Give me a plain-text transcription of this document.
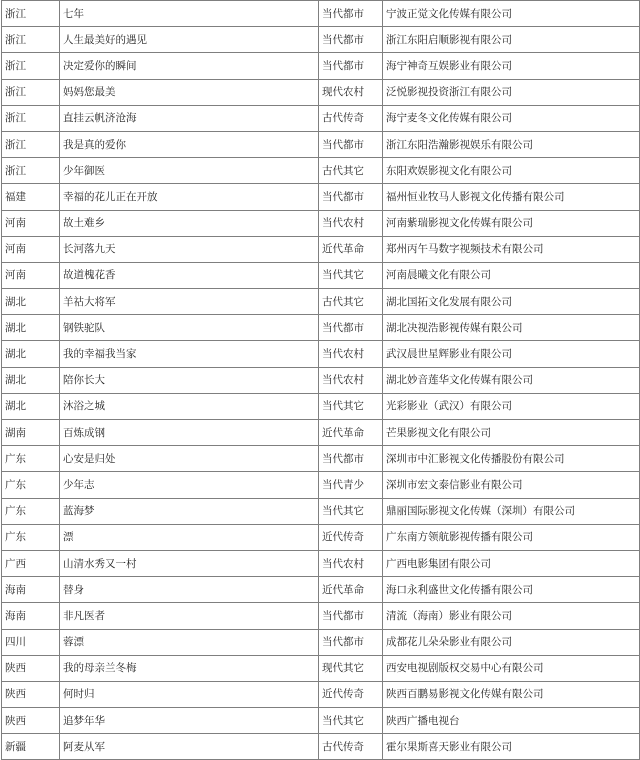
浙江	七年	当代都市	宁波正觉文化传媒有限公司
浙江	人生最美好的遇见	当代都市	浙江东阳启顺影视有限公司
浙江	决定爱你的瞬间	当代都市	海宁神奇互娱影业有限公司
浙江	妈妈您最美	现代农村	泛悦影视投资浙江有限公司
浙江	直挂云帆济沧海	古代传奇	海宁麦冬文化传媒有限公司
浙江	我是真的爱你	当代都市	浙江东阳浩瀚影视娱乐有限公司
浙江	少年御医	古代其它	东阳欢娱影视文化有限公司
福建	幸福的花儿正在开放	当代都市	福州恒业牧马人影视文化传播有限公司
河南	故土难乡	当代农村	河南紫瑞影视文化传媒有限公司
河南	长河落九天	近代革命	郑州丙午马数字视频技术有限公司
河南	故道槐花香	当代其它	河南晨曦文化有限公司
湖北	羊祜大将军	古代其它	湖北国拓文化发展有限公司
湖北	钢铁驼队	当代都市	湖北决视浩影视传媒有限公司
湖北	我的幸福我当家	当代农村	武汉晨世星辉影业有限公司
湖北	陪你长大	当代农村	湖北妙音莲华文化传媒有限公司
湖北	沐浴之城	当代其它	光彩影业（武汉）有限公司
湖南	百炼成钢	近代革命	芒果影视文化有限公司
广东	心安是归处	当代都市	深圳市中汇影视文化传播股份有限公司
广东	少年志	当代青少	深圳市宏文泰信影业有限公司
广东	蓝海梦	当代其它	鼎丽国际影视文化传媒（深圳）有限公司
广东	漂	近代传奇	广东南方领航影视传播有限公司
广西	山清水秀又一村	当代农村	广西电影集团有限公司
海南	替身	近代革命	海口永利盛世文化传播有限公司
海南	非凡医者	当代都市	清流（海南）影业有限公司
四川	蓉漂	当代都市	成都花儿朵朵影业有限公司
陕西	我的母亲兰冬梅	现代其它	西安电视剧版权交易中心有限公司
陕西	何时归	近代传奇	陕西百鹏易影视文化传媒有限公司
陕西	追梦年华	当代其它	陕西广播电视台
新疆	阿麦从军	古代传奇	霍尔果斯喜天影业有限公司
